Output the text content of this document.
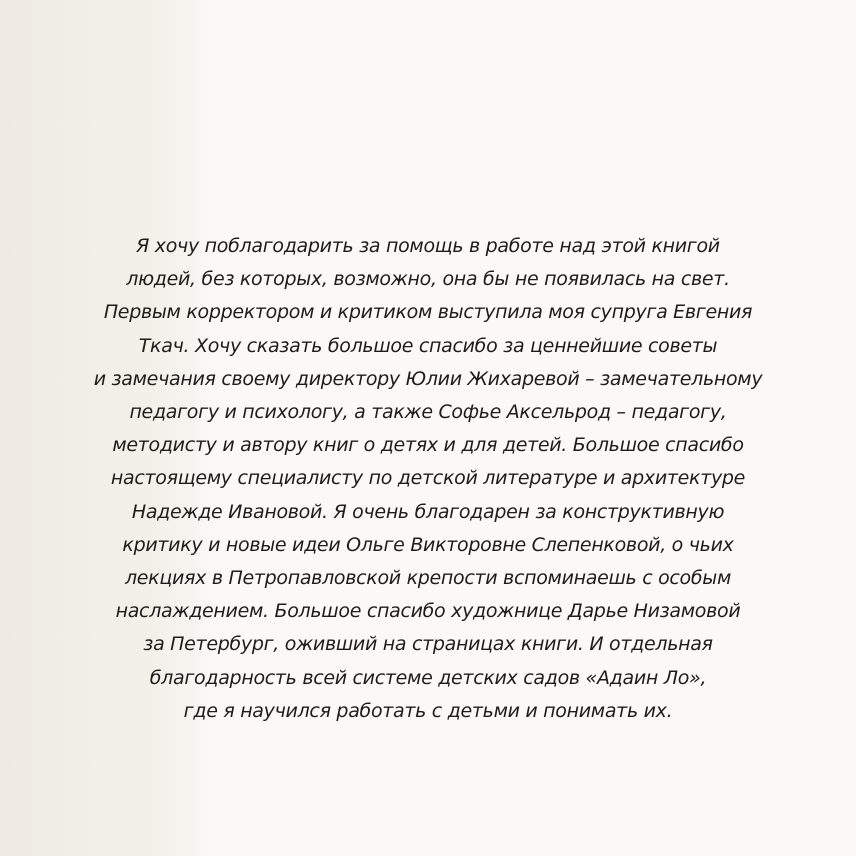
Я хочу поблагодарить за помощь в работе над этой книгой
людей, без которых, возможно, она бы не появилась на свет.
Первым корректором и критиком выступила моя супруга Евгения
Ткач. Хочу сказать большое спасибо за ценнейшие советы
и замечания своему директору Юлии Жихаревой – замечательному
педагогу и психологу, а также Софье Аксельрод – педагогу,
методисту и автору книг о детях и для детей. Большое спасибо
настоящему специалисту по детской литературе и архитектуре
Надежде Ивановой. Я очень благодарен за конструктивную
критику и новые идеи Ольге Викторовне Слепенковой, о чьих
лекциях в Петропавловской крепости вспоминаешь с особым
наслаждением. Большое спасибо художнице Дарье Низамовой
за Петербург, оживший на страницах книги. И отдельная
благодарность всей системе детских садов «Адаин Ло»,
где я научился работать с детьми и понимать их.
